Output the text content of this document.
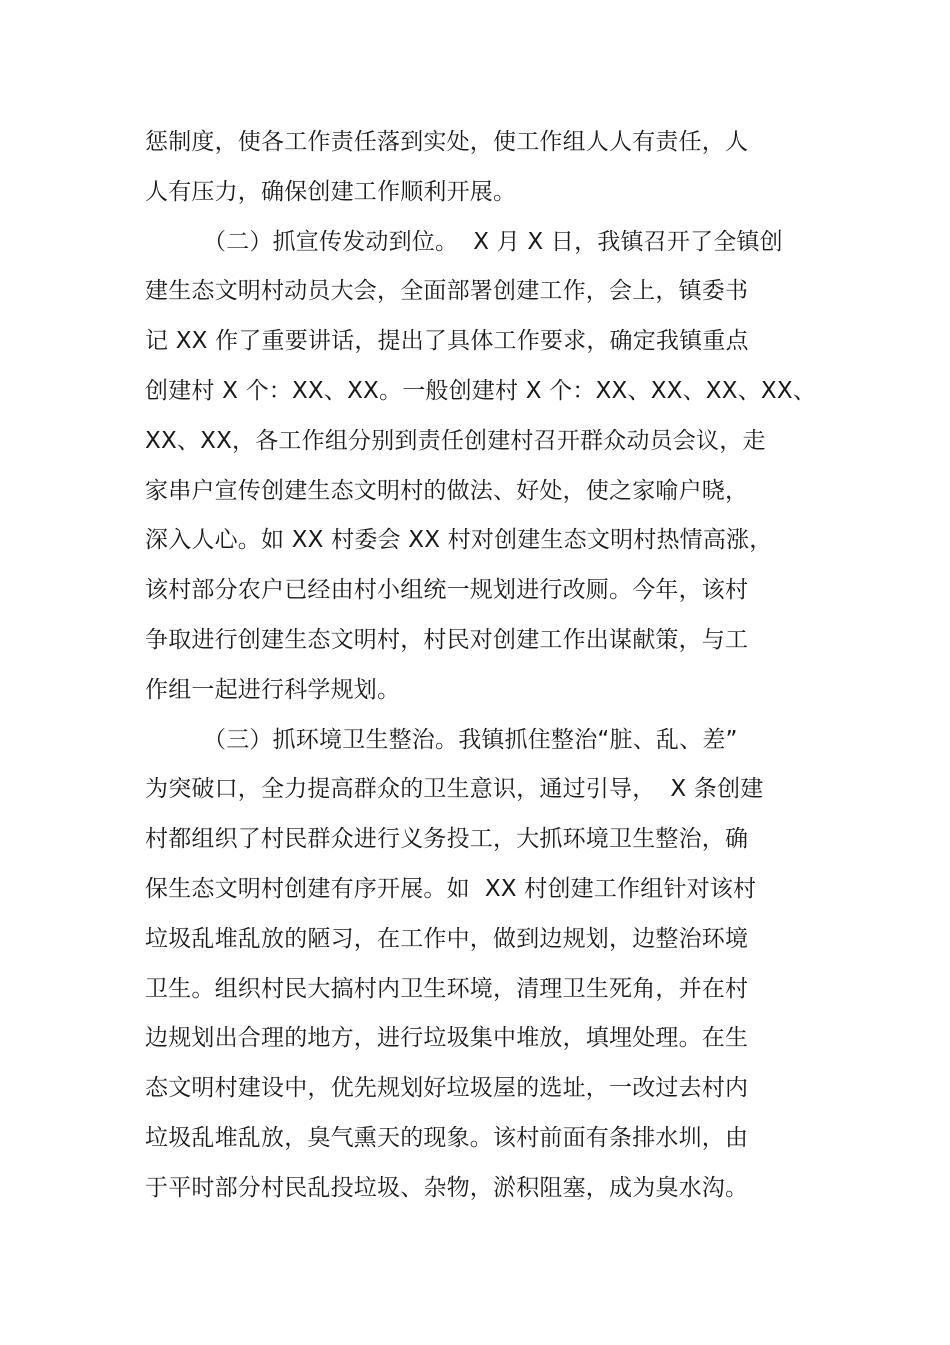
惩制度，使各工作责任落到实处，使工作组人人有责任，人
人有压力，确保创建工作顺利开展。
（二）抓宣传发动到位。  X 月 X 日，我镇召开了全镇创
建生态文明村动员大会，全面部署创建工作，会上，镇委书
记 XX 作了重要讲话，提出了具体工作要求，确定我镇重点
创建村 X 个：XX、XX。一般创建村 X 个：XX、XX、XX、XX、
XX、XX，各工作组分别到责任创建村召开群众动员会议，走
家串户宣传创建生态文明村的做法、好处，使之家喻户晓，
深入人心。如 XX 村委会 XX 村对创建生态文明村热情高涨，
该村部分农户已经由村小组统一规划进行改厕。今年，该村
争取进行创建生态文明村，村民对创建工作出谋献策，与工
作组一起进行科学规划。
（三）抓环境卫生整治。我镇抓住整治“脏、乱、差”
为突破口，全力提高群众的卫生意识，通过引导，  X 条创建
村都组织了村民群众进行义务投工，大抓环境卫生整治，确
保生态文明村创建有序开展。如  XX 村创建工作组针对该村
垃圾乱堆乱放的陋习，在工作中，做到边规划，边整治环境
卫生。组织村民大搞村内卫生环境，清理卫生死角，并在村
边规划出合理的地方，进行垃圾集中堆放，填埋处理。在生
态文明村建设中，优先规划好垃圾屋的选址，一改过去村内
垃圾乱堆乱放，臭气熏天的现象。该村前面有条排水圳，由
于平时部分村民乱投垃圾、杂物，淤积阻塞，成为臭水沟。
